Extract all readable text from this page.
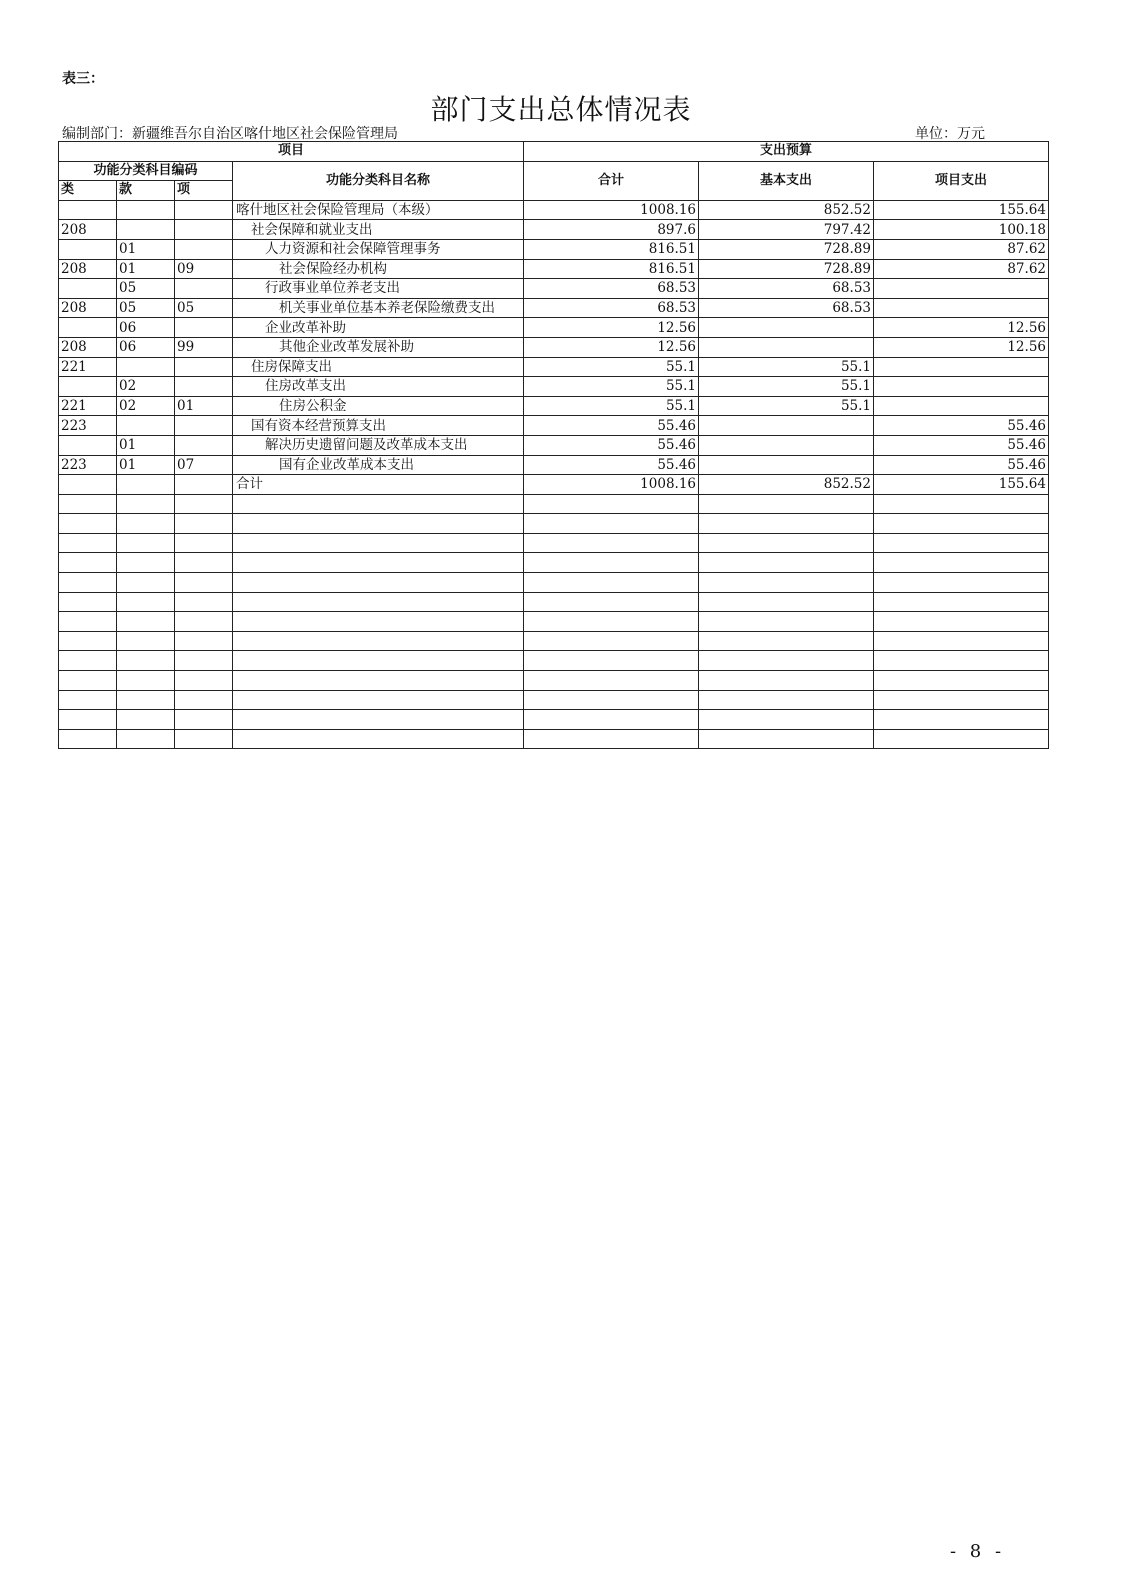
表三：
部门支出总体情况表
编制部门：新疆维吾尔自治区喀什地区社会保险管理局	单位：万元
项目				支出预算		
功能分类科目编码			功能分类科目名称	合计	基本支出	项目支出
类	款	项				
			喀什地区社会保险管理局（本级）	1008.16	852.52	155.64
208			社会保障和就业支出	897.6	797.42	100.18
	01		人力资源和社会保障管理事务	816.51	728.89	87.62
208	01	09	社会保险经办机构	816.51	728.89	87.62
	05		行政事业单位养老支出	68.53	68.53	
208	05	05	机关事业单位基本养老保险缴费支出	68.53	68.53	
	06		企业改革补助	12.56		12.56
208	06	99	其他企业改革发展补助	12.56		12.56
221			住房保障支出	55.1	55.1	
	02		住房改革支出	55.1	55.1	
221	02	01	住房公积金	55.1	55.1	
223			国有资本经营预算支出	55.46		55.46
	01		解决历史遗留问题及改革成本支出	55.46		55.46
223	01	07	国有企业改革成本支出	55.46		55.46
			合计	1008.16	852.52	155.64

- 8 -
